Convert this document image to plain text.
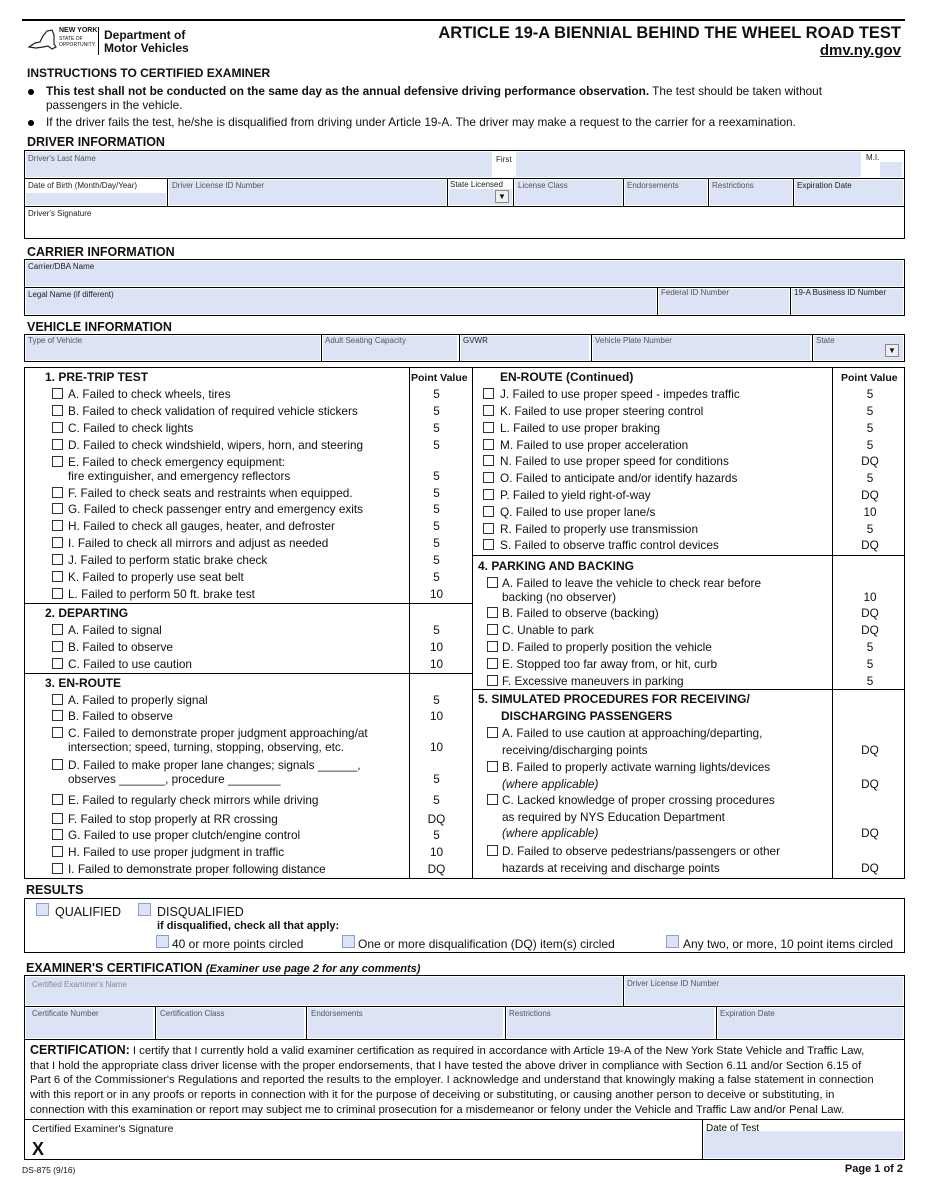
NEW YORK
STATE OF
OPPORTUNITY.
Department of
Motor Vehicles
ARTICLE 19-A BIENNIAL BEHIND THE WHEEL ROAD TEST
dmv.ny.gov
INSTRUCTIONS TO CERTIFIED EXAMINER
This test shall not be conducted on the same day as the annual defensive driving performance observation. The test should be taken without
passengers in the vehicle.
If the driver fails the test, he/she is disqualified from driving under Article 19-A. The driver may make a request to the carrier for a reexamination.
DRIVER INFORMATION
Driver's Last Name	First	M.I.
Date of Birth (Month/Day/Year)	Driver License ID Number	State Licensed
▼
License Class	Endorsements	Restrictions	Expiration Date
Driver's Signature
CARRIER INFORMATION
Carrier/DBA Name
Legal Name (if different)	Federal ID Number	19-A Business ID Number
VEHICLE INFORMATION
Type of Vehicle	Adult Seating Capacity	GVWR	Vehicle Plate Number	State
▼
1. PRE-TRIP TEST	Point Value
2. DEPARTING
3. EN-ROUTE
EN-ROUTE (Continued)	Point Value
4. PARKING AND BACKING
5. SIMULATED PROCEDURES FOR RECEIVING/
DISCHARGING PASSENGERS
A. Failed to check wheels, tires	5
B. Failed to check validation of required vehicle stickers	5
C. Failed to check lights	5
D. Failed to check windshield, wipers, horn, and steering	5
E. Failed to check emergency equipment:
fire extinguisher, and emergency reflectors	5
F. Failed to check seats and restraints when equipped.	5
G. Failed to check passenger entry and emergency exits	5
H. Failed to check all gauges, heater, and defroster	5
I. Failed to check all mirrors and adjust as needed	5
J. Failed to perform static brake check	5
K. Failed to properly use seat belt	5
L. Failed to perform 50 ft. brake test	10
A. Failed to signal	5
B. Failed to observe	10
C. Failed to use caution	10
A. Failed to properly signal	5
B. Failed to observe	10
C. Failed to demonstrate proper judgment approaching/at
intersection; speed, turning, stopping, observing, etc.	10
D. Failed to make proper lane changes; signals ______,
observes _______, procedure ________	5
E. Failed to regularly check mirrors while driving	5
F. Failed to stop properly at RR crossing	DQ
G. Failed to use proper clutch/engine control	5
H. Failed to use proper judgment in traffic	10
I. Failed to demonstrate proper following distance	DQ
J. Failed to use proper speed - impedes traffic	5
K. Failed to use proper steering control	5
L. Failed to use proper braking	5
M. Failed to use proper acceleration	5
N. Failed to use proper speed for conditions	DQ
O. Failed to anticipate and/or identify hazards	5
P. Failed to yield right-of-way	DQ
Q. Failed to use proper lane/s	10
R. Failed to properly use transmission	5
S. Failed to observe traffic control devices	DQ
A. Failed to leave the vehicle to check rear before
backing (no observer)	10
B. Failed to observe (backing)	DQ
C. Unable to park	DQ
D. Failed to properly position the vehicle	5
E. Stopped too far away from, or hit, curb	5
F. Excessive maneuvers in parking	5
A. Failed to use caution at approaching/departing,
receiving/discharging points	DQ
B. Failed to properly activate warning lights/devices
(where applicable)	DQ
C. Lacked knowledge of proper crossing procedures
as required by NYS Education Department
(where applicable)	DQ
D. Failed to observe pedestrians/passengers or other
hazards at receiving and discharge points	DQ
RESULTS
QUALIFIED	DISQUALIFIED
if disqualified, check all that apply:
40 or more points circled	One or more disqualification (DQ) item(s) circled	Any two, or more, 10 point items circled
EXAMINER'S CERTIFICATION (Examiner use page 2 for any comments)
Certified Examiner's Name	Driver License ID Number
Certificate Number	Certification Class	Endorsements	Restrictions	Expiration Date
CERTIFICATION: I certify that I currently hold a valid examiner certification as required in accordance with Article 19-A of the New York State Vehicle and Traffic Law,
that I hold the appropriate class driver license with the proper endorsements, that I have tested the above driver in compliance with Section 6.11 and/or Section 6.15 of
Part 6 of the Commissioner's Regulations and reported the results to the employer. I acknowledge and understand that knowingly making a false statement in connection
with this report or in any proofs or reports in connection with it for the purpose of deceiving or substituting, or causing another person to deceive or substituting, in
connection with this examination or report may subject me to criminal prosecution for a misdemeanor or felony under the Vehicle and Traffic Law and/or Penal Law.
Certified Examiner's Signature
X
Date of Test
DS-875 (9/16)	Page 1 of 2
